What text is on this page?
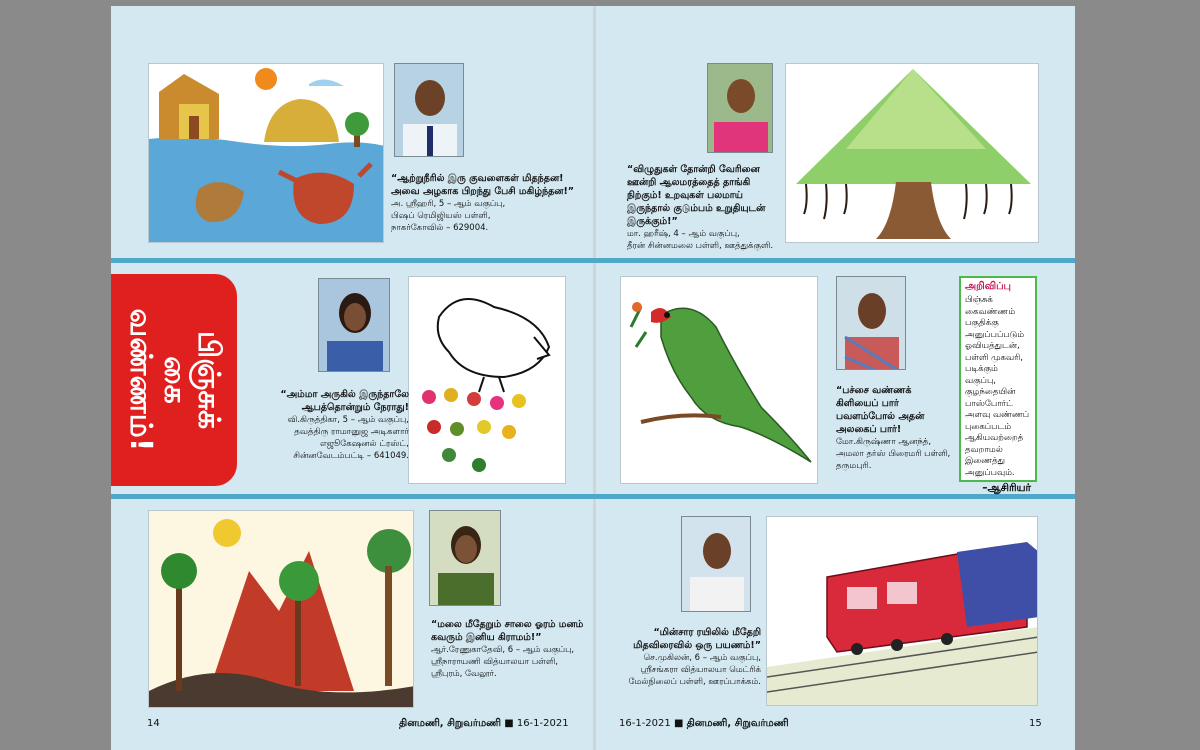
“ஆற்றுநீரில் இரு குவளைகள் மிதந்தன! அவை அழகாக பிறந்து பேசி மகிழ்ந்தன!”
அ. ஸ்ரீஹரி, 5 – ஆம் வகுப்பு,
பிஷப் ரெமிஜியஸ் பள்ளி,
நாகர்கோவில் – 629004.
“விழுதுகள் தோன்றி வேரினை ஊன்றி ஆலமரத்தைத் தாங்கி நிற்கும்! உறவுகள் பலமாய் இருந்தால் குடும்பம் உறுதியுடன் இருக்கும்!”
மா. ஹரீஷ், 4 – ஆம் வகுப்பு,
தீரன் சின்னமலை பள்ளி, ஊத்துக்குளி.
பிஞ்சுக்
கை
வண்ணம்!	“அம்மா அருகில் இருந்தாலே ஆபத்தொன்றும் நேராது!
வி.கிருத்திகா, 5 – ஆம் வகுப்பு,
தவத்திரு ராமானுஜ அடிகளார் எஜூகேஷனல் ட்ரஸ்ட்,
சின்னவேடம்பட்டி – 641049.
“பச்சை வண்ணக் கிளியைப் பார் பவளம்போல் அதன் அலகைப் பார்!
மோ.கிருஷ்ணா ஆனந்த்,
அமலா தர்ஸ் பிரைமரி பள்ளி,
தருமபுரி.
அறிவிப்பு
பிஞ்சுக் கைவண்ணம் பகுதிக்கு அனுப்பப்படும் ஓவியத்துடன், பள்ளி முகவரி, படிக்கும் வகுப்பு, குழந்தையின் பாஸ்போர்ட் அளவு வண்ணப் புகைப்படம் ஆகியவற்றைத் தவறாமல் இணைத்து அனுப்பவும்.
–ஆசிரியர்
“மலை மீதேறும் சாலை ஓரம் மனம் கவரும் இனிய கிராமம்!”
ஆர்.ரேணுகாதேவி, 6 – ஆம் வகுப்பு,
ஸ்ரீநாராயணி வித்யாலயா பள்ளி,
ஸ்ரீபுரம், வேலூர்.
“மின்சார ரயிலில் மீதேறி மிதவிரைவில் ஒரு பயணம்!”
செ.முகிலன், 6 – ஆம் வகுப்பு,
ஸ்ரீசங்கரா வித்யாலயா மெட்ரிக் மேல்நிலைப் பள்ளி, ஊரப்பாக்கம்.
14	தினமணி, சிறுவர்மணி ■ 16-1-2021	16-1-2021 ■ தினமணி, சிறுவர்மணி	15
